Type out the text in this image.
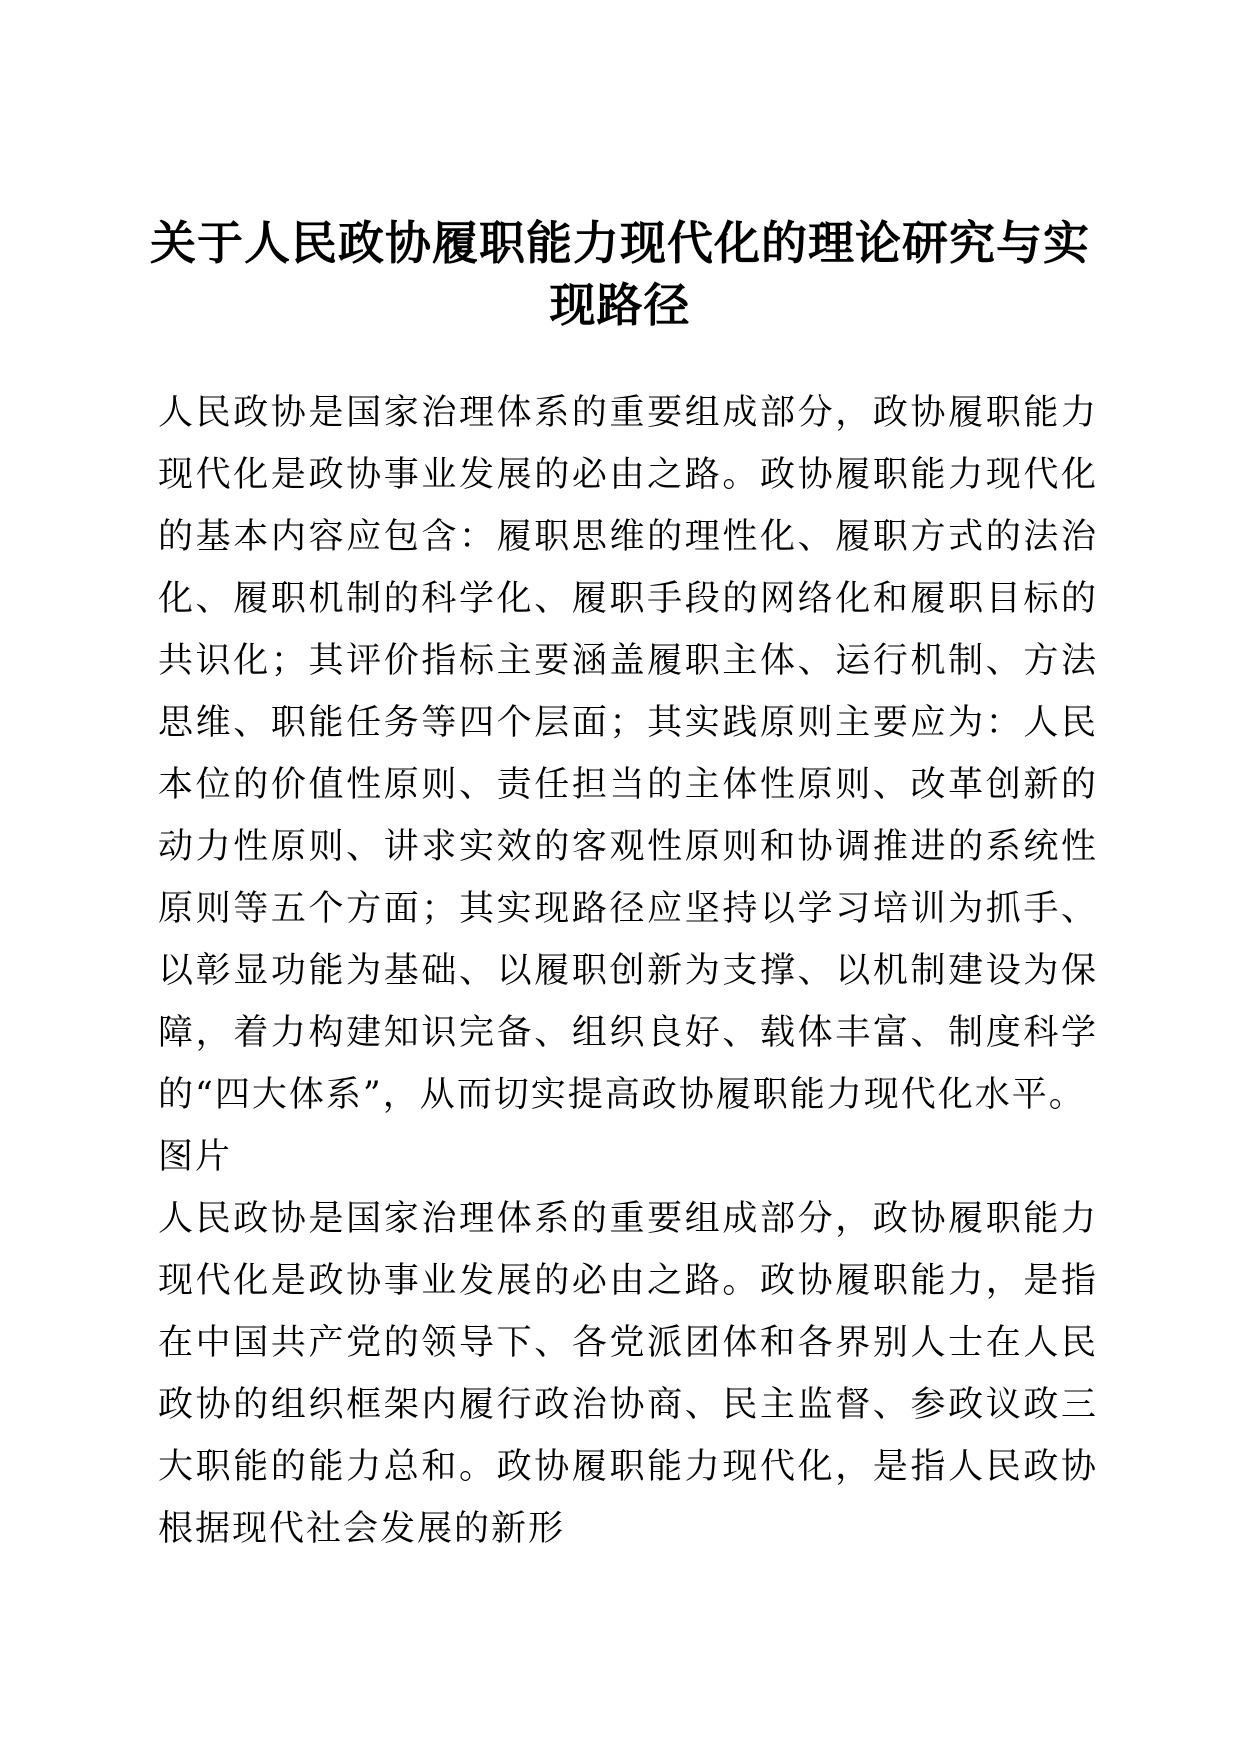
关于人民政协履职能力现代化的理论研究与实现路径

人民政协是国家治理体系的重要组成部分，政协履职能力现代化是政协事业发展的必由之路。政协履职能力现代化的基本内容应包含：履职思维的理性化、履职方式的法治化、履职机制的科学化、履职手段的网络化和履职目标的共识化；其评价指标主要涵盖履职主体、运行机制、方法思维、职能任务等四个层面；其实践原则主要应为：人民本位的价值性原则、责任担当的主体性原则、改革创新的动力性原则、讲求实效的客观性原则和协调推进的系统性原则等五个方面；其实现路径应坚持以学习培训为抓手、以彰显功能为基础、以履职创新为支撑、以机制建设为保障，着力构建知识完备、组织良好、载体丰富、制度科学的“四大体系”，从而切实提高政协履职能力现代化水平。

图片

人民政协是国家治理体系的重要组成部分，政协履职能力现代化是政协事业发展的必由之路。政协履职能力，是指在中国共产党的领导下、各党派团体和各界别人士在人民政协的组织框架内履行政治协商、民主监督、参政议政三大职能的能力总和。政协履职能力现代化，是指人民政协根据现代社会发展的新形
